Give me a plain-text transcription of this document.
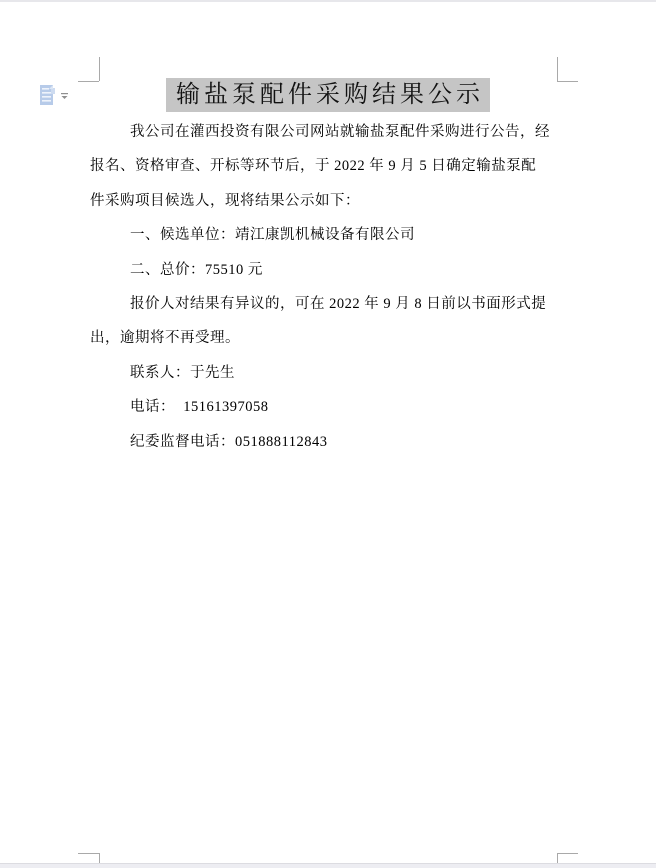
输盐泵配件采购结果公示
我公司在灌西投资有限公司网站就输盐泵配件采购进行公告，经
报名、资格审查、开标等环节后，于 2022 年 9 月 5 日确定输盐泵配
件采购项目候选人，现将结果公示如下：
一、候选单位：靖江康凯机械设备有限公司
二、总价：75510 元
报价人对结果有异议的，可在 2022 年 9 月 8 日前以书面形式提
出，逾期将不再受理。
联系人：于先生
电话：  15161397058
纪委监督电话：051888112843
